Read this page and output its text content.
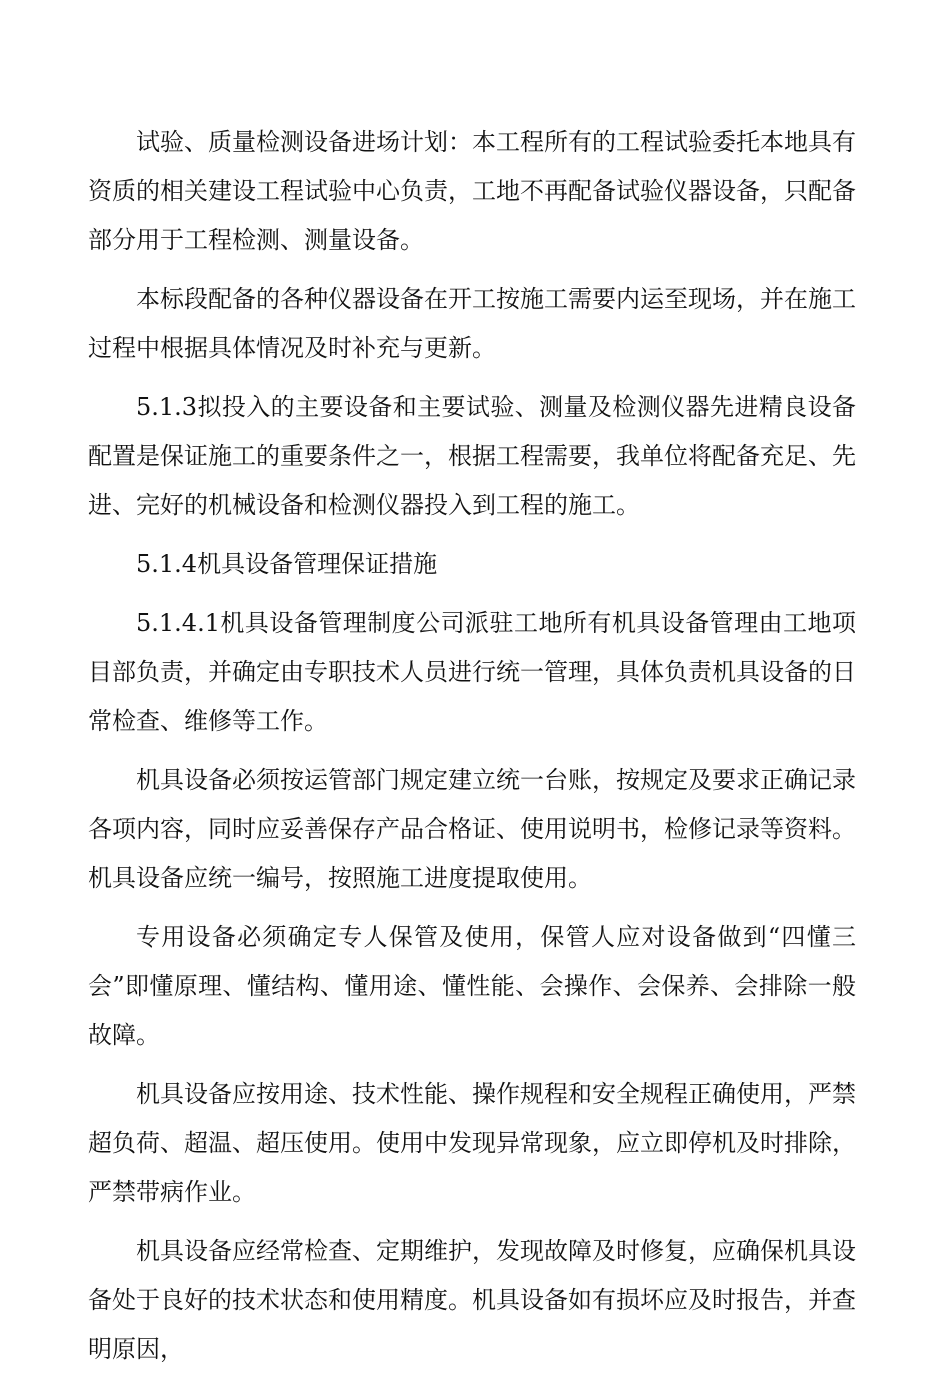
试验、质量检测设备进场计划：本工程所有的工程试验委托本地具有资质的相关建设工程试验中心负责，工地不再配备试验仪器设备，只配备部分用于工程检测、测量设备。

本标段配备的各种仪器设备在开工按施工需要内运至现场，并在施工过程中根据具体情况及时补充与更新。

5.1.3拟投入的主要设备和主要试验、测量及检测仪器先进精良设备配置是保证施工的重要条件之一，根据工程需要，我单位将配备充足、先进、完好的机械设备和检测仪器投入到工程的施工。

5.1.4机具设备管理保证措施

5.1.4.1机具设备管理制度公司派驻工地所有机具设备管理由工地项目部负责，并确定由专职技术人员进行统一管理，具体负责机具设备的日常检查、维修等工作。

机具设备必须按运管部门规定建立统一台账，按规定及要求正确记录各项内容，同时应妥善保存产品合格证、使用说明书，检修记录等资料。机具设备应统一编号，按照施工进度提取使用。

专用设备必须确定专人保管及使用，保管人应对设备做到“四懂三会”即懂原理、懂结构、懂用途、懂性能、会操作、会保养、会排除一般故障。

机具设备应按用途、技术性能、操作规程和安全规程正确使用，严禁超负荷、超温、超压使用。使用中发现异常现象，应立即停机及时排除，严禁带病作业。

机具设备应经常检查、定期维护，发现故障及时修复，应确保机具设备处于良好的技术状态和使用精度。机具设备如有损坏应及时报告，并查明原因，
